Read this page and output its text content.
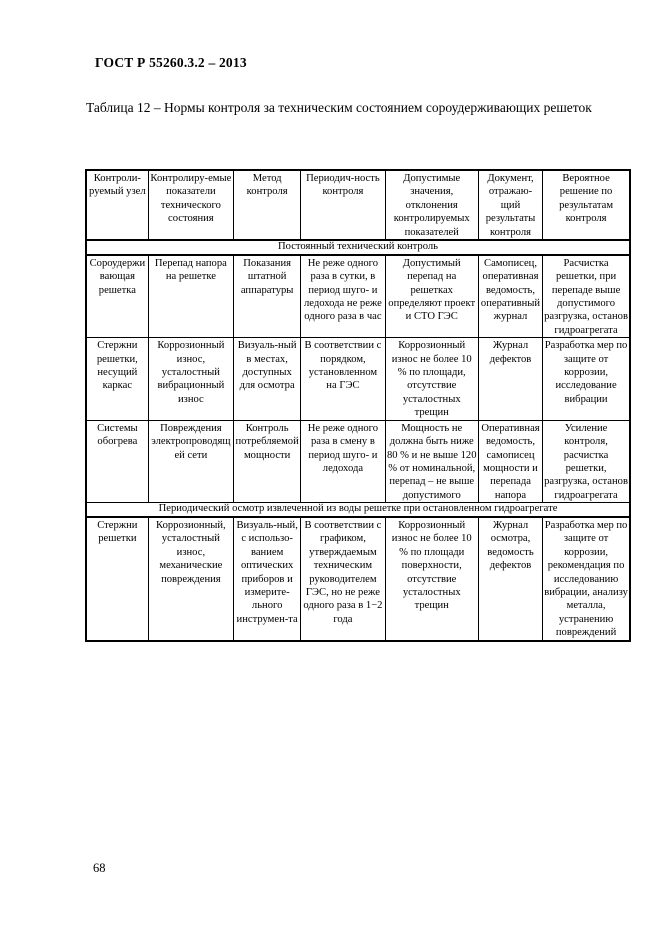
ГОСТ Р 55260.3.2 – 2013
Таблица 12 – Нормы контроля за техническим состоянием сороудерживающих решеток
Контроли-руемый узел	Контролиру-емые показатели технического состояния	Метод контроля	Периодич-ность контроля	Допустимые значения, отклонения контролируемых показателей	Документ, отражаю-щий результаты контроля	Вероятное решение по результатам контроля
Постоянный технический контроль						
Сороудерживающая решетка	Перепад напора на решетке	Показания штатной аппаратуры	Не реже одного раза в сутки, в период шуго- и ледохода не реже одного раза в час	Допустимый перепад на решетках определяют проект и СТО ГЭС	Самописец, оперативная ведомость, оперативный журнал	Расчистка решетки, при перепаде выше допустимого разгрузка, останов гидроагрегата
Стержни решетки, несущий каркас	Коррозионный износ, усталостный вибрационный износ	Визуаль-ный в местах, доступных для осмотра	В соответствии с порядком, установленном на ГЭС	Коррозионный износ не более 10 % по площади, отсутствие усталостных трещин	Журнал дефектов	Разработка мер по защите от коррозии, исследование вибрации
Системы обогрева	Повреждения электропроводящей сети	Контроль потребляемой мощности	Не реже одного раза в смену в период шуго- и ледохода	Мощность не должна быть ниже 80 % и не выше 120 % от номинальной, перепад – не выше допустимого	Оперативная ведомость, самописец мощности и перепада напора	Усиление контроля, расчистка решетки, разгрузка, останов гидроагрегата
Периодический осмотр извлеченной из воды решетке при остановленном гидроагрегате						
Стержни решетки	Коррозионный, усталостный износ, механические повреждения	Визуаль-ный, с использо-ванием оптических приборов и измерите-льного инструмен-та	В соответствии с графиком, утверждаемым техническим руководителем ГЭС, но не реже одного раза в 1−2 года	Коррозионный износ не более 10 % по площади поверхности, отсутствие усталостных трещин	Журнал осмотра, ведомость дефектов	Разработка мер по защите от коррозии, рекомендация по исследованию вибрации, анализу металла, устранению повреждений
68
